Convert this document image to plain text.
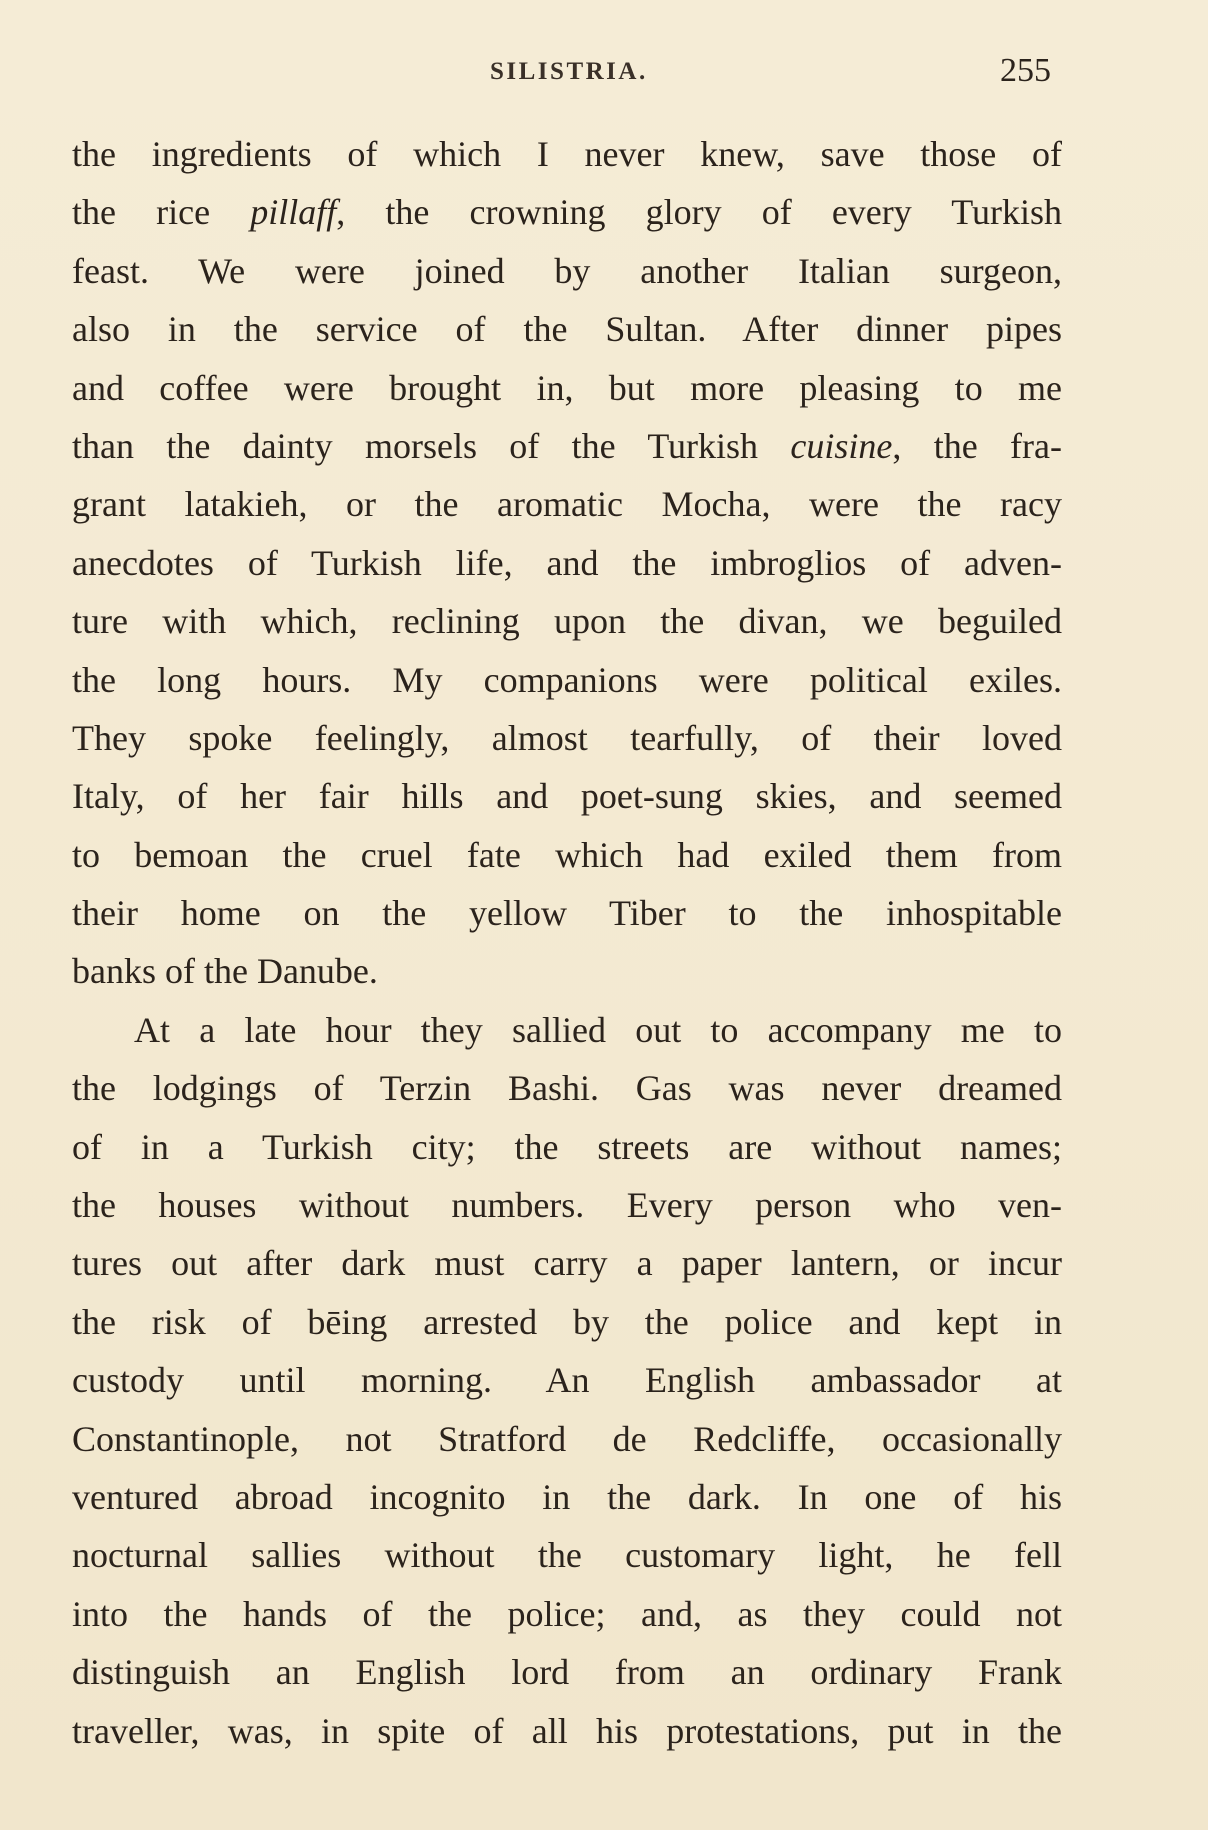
SILISTRIA.	255
the ingredients of which I never knew, save those of
the rice pillaff, the crowning glory of every Turkish
feast. We were joined by another Italian surgeon,
also in the service of the Sultan. After dinner pipes
and coffee were brought in, but more pleasing to me
than the dainty morsels of the Turkish cuisine, the fra-
grant latakieh, or the aromatic Mocha, were the racy
anecdotes of Turkish life, and the imbroglios of adven-
ture with which, reclining upon the divan, we beguiled
the long hours. My companions were political exiles.
They spoke feelingly, almost tearfully, of their loved
Italy, of her fair hills and poet-sung skies, and seemed
to bemoan the cruel fate which had exiled them from
their home on the yellow Tiber to the inhospitable
banks of the Danube.
At a late hour they sallied out to accompany me to
the lodgings of Terzin Bashi. Gas was never dreamed
of in a Turkish city; the streets are without names;
the houses without numbers. Every person who ven-
tures out after dark must carry a paper lantern, or incur
the risk of bēing arrested by the police and kept in
custody until morning. An English ambassador at
Constantinople, not Stratford de Redcliffe, occasionally
ventured abroad incognito in the dark. In one of his
nocturnal sallies without the customary light, he fell
into the hands of the police; and, as they could not
distinguish an English lord from an ordinary Frank
traveller, was, in spite of all his protestations, put in the
